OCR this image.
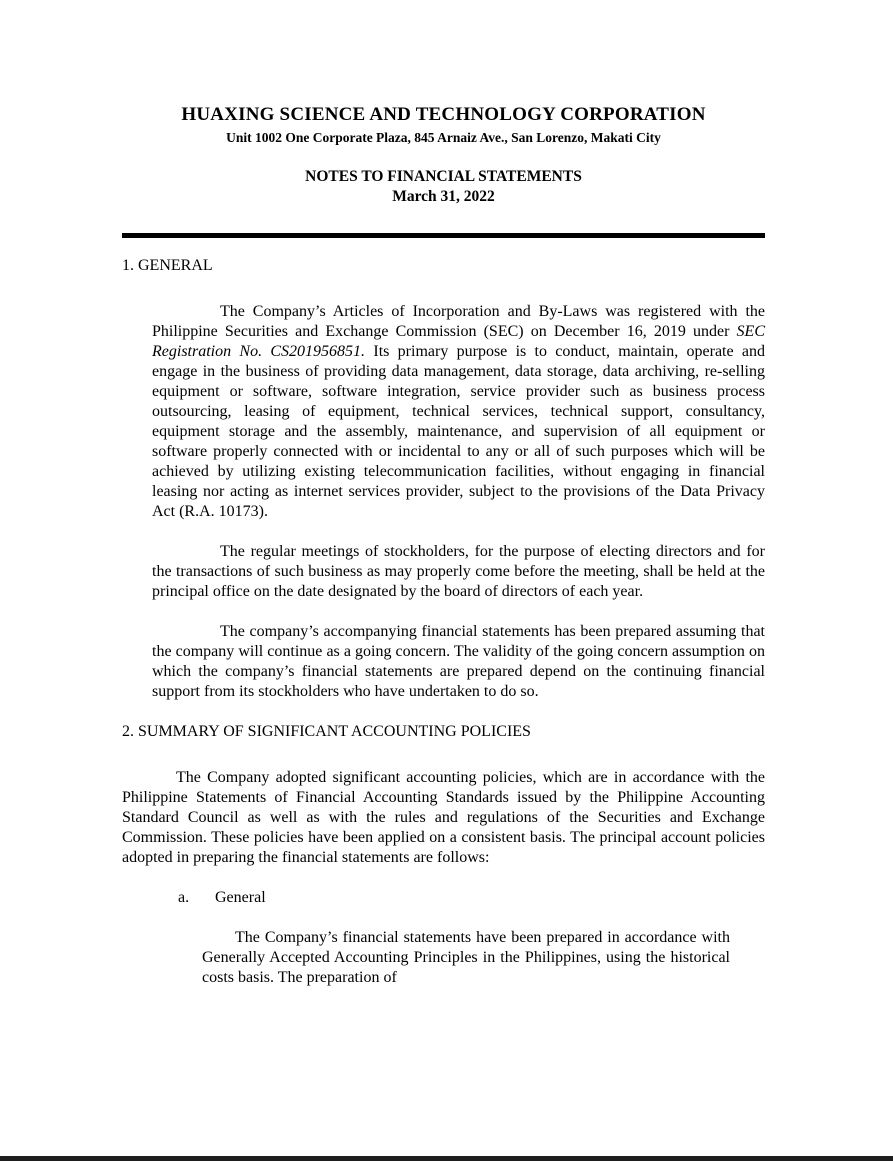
HUAXING SCIENCE AND TECHNOLOGY CORPORATION

Unit 1002 One Corporate Plaza, 845 Arnaiz Ave., San Lorenzo, Makati City

NOTES TO FINANCIAL STATEMENTS
March 31, 2022
1. GENERAL

The Company’s Articles of Incorporation and By-Laws was registered with the Philippine Securities and Exchange Commission (SEC) on December 16, 2019 under SEC Registration No. CS201956851. Its primary purpose is to conduct, maintain, operate and engage in the business of providing data management, data storage, data archiving, re-selling equipment or software, software integration, service provider such as business process outsourcing, leasing of equipment, technical services, technical support, consultancy, equipment storage and the assembly, maintenance, and supervision of all equipment or software properly connected with or incidental to any or all of such purposes which will be achieved by utilizing existing telecommunication facilities, without engaging in financial leasing nor acting as internet services provider, subject to the provisions of the Data Privacy Act (R.A. 10173).

The regular meetings of stockholders, for the purpose of electing directors and for the transactions of such business as may properly come before the meeting, shall be held at the principal office on the date designated by the board of directors of each year.

The company’s accompanying financial statements has been prepared assuming that the company will continue as a going concern. The validity of the going concern assumption on which the company’s financial statements are prepared depend on the continuing financial support from its stockholders who have undertaken to do so.

2. SUMMARY OF SIGNIFICANT ACCOUNTING POLICIES

The Company adopted significant accounting policies, which are in accordance with the Philippine Statements of Financial Accounting Standards issued by the Philippine Accounting Standard Council as well as with the rules and regulations of the Securities and Exchange Commission. These policies have been applied on a consistent basis. The principal account policies adopted in preparing the financial statements are follows:

a. General

The Company’s financial statements have been prepared in accordance with Generally Accepted Accounting Principles in the Philippines, using the historical costs basis. The preparation of
